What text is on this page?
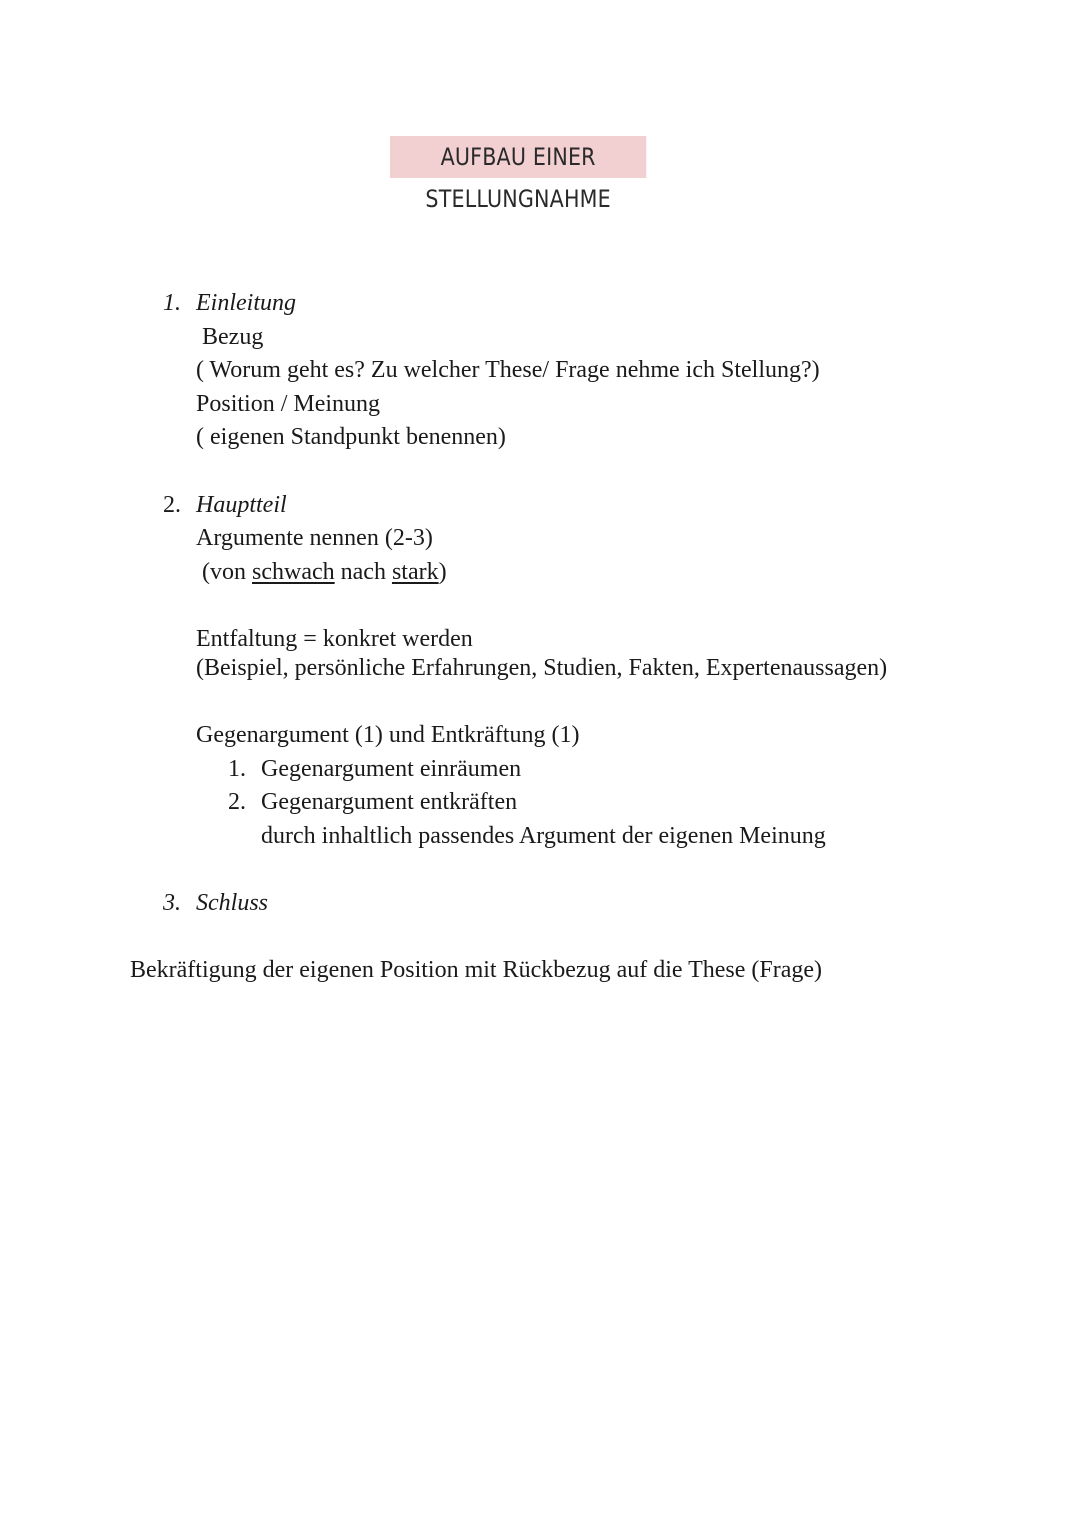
AUFBAU EINER STELLUNGNAHME
1. Einleitung
Bezug
( Worum geht es? Zu welcher These/ Frage nehme ich Stellung?)
Position / Meinung
( eigenen Standpunkt benennen)
2. Hauptteil
Argumente nennen (2-3)
(von schwach nach stark)
Entfaltung = konkret werden
(Beispiel, persönliche Erfahrungen, Studien, Fakten, Expertenaussagen)
Gegenargument (1) und Entkräftung (1)
1. Gegenargument einräumen
2. Gegenargument entkräften
durch inhaltlich passendes Argument der eigenen Meinung
3. Schluss
Bekräftigung der eigenen Position mit Rückbezug auf die These (Frage)
